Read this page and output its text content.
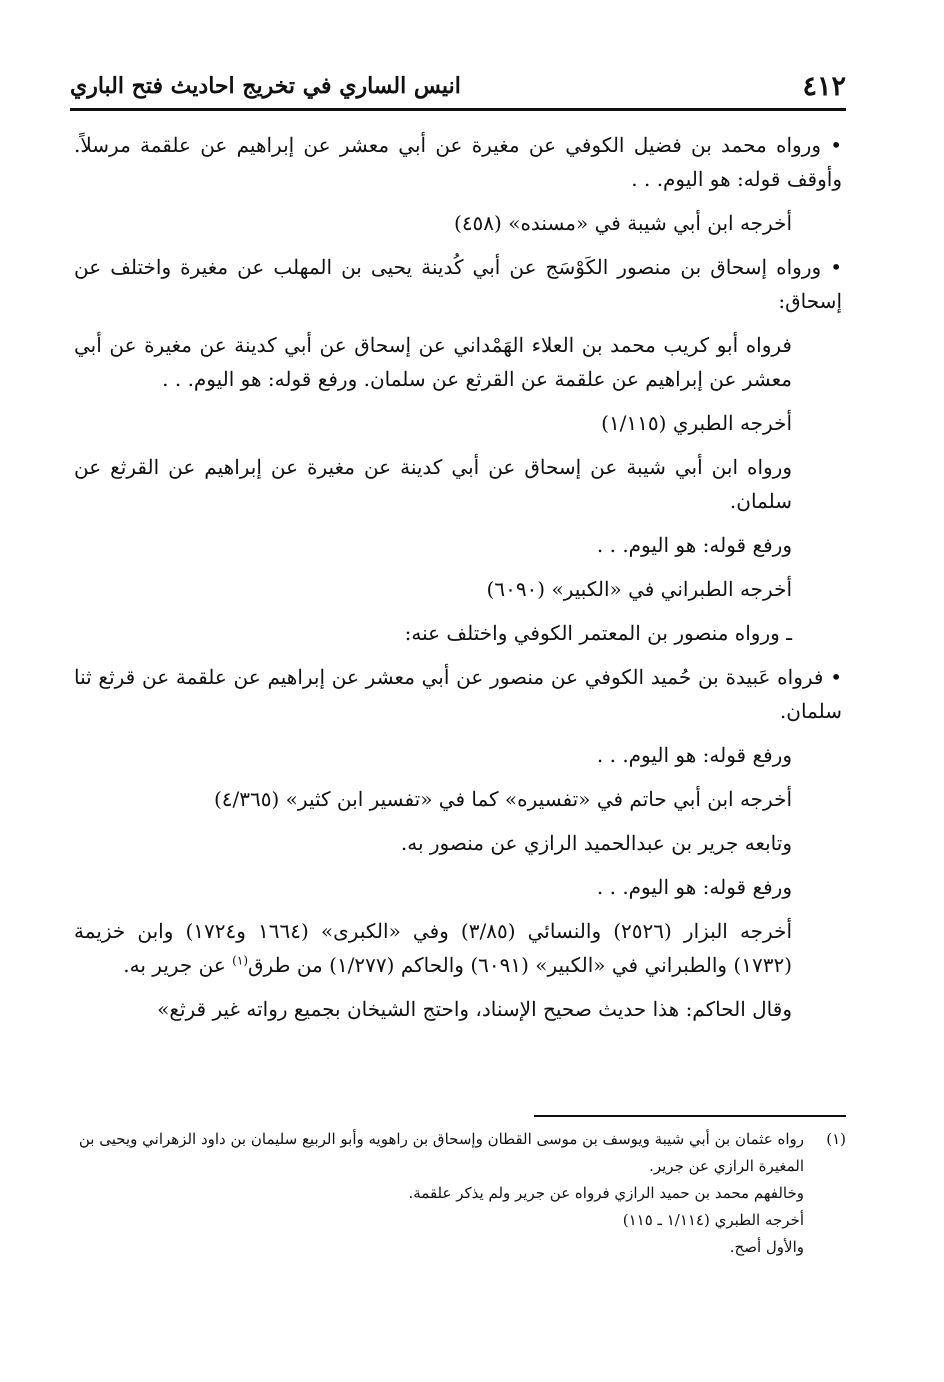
٤١٢
انيس الساري في تخريج احاديث فتح الباري

• ورواه محمد بن فضيل الكوفي عن مغيرة عن أبي معشر عن إبراهيم عن علقمة مرسلاً. وأوقف قوله: هو اليوم. . .

أخرجه ابن أبي شيبة في «مسنده» (٤٥٨)

• ورواه إسحاق بن منصور الكَوْسَج عن أبي كُدينة يحيى بن المهلب عن مغيرة واختلف عن إسحاق:

فرواه أبو كريب محمد بن العلاء الهَمْداني عن إسحاق عن أبي كدينة عن مغيرة عن أبي معشر عن إبراهيم عن علقمة عن القرثع عن سلمان. ورفع قوله: هو اليوم. . .

أخرجه الطبري (١/١١٥)

ورواه ابن أبي شيبة عن إسحاق عن أبي كدينة عن مغيرة عن إبراهيم عن القرثع عن سلمان.

ورفع قوله: هو اليوم. . .

أخرجه الطبراني في «الكبير» (٦٠٩٠)

ـ ورواه منصور بن المعتمر الكوفي واختلف عنه:

• فرواه عَبيدة بن حُميد الكوفي عن منصور عن أبي معشر عن إبراهيم عن علقمة عن قرثع ثنا سلمان.

ورفع قوله: هو اليوم. . .

أخرجه ابن أبي حاتم في «تفسيره» كما في «تفسير ابن كثير» (٤/٣٦٥)

وتابعه جرير بن عبدالحميد الرازي عن منصور به.

ورفع قوله: هو اليوم. . .

أخرجه البزار (٢٥٢٦) والنسائي (٣/٨٥) وفي «الكبرى» (١٦٦٤ و١٧٢٤) وابن خزيمة (١٧٣٢) والطبراني في «الكبير» (٦٠٩١) والحاكم (١/٢٧٧) من طرق$^{(١)}$ عن جرير به.

وقال الحاكم: هذا حديث صحيح الإسناد، واحتج الشيخان بجميع رواته غير قرثع»

(١)

رواه عثمان بن أبي شيبة ويوسف بن موسى القطان وإسحاق بن راهويه وأبو الربيع سليمان بن داود الزهراني ويحيى بن المغيرة الرازي عن جرير.

وخالفهم محمد بن حميد الرازي فرواه عن جرير ولم يذكر علقمة.

أخرجه الطبري (١/١١٤ ـ ١١٥)

والأول أصح.
